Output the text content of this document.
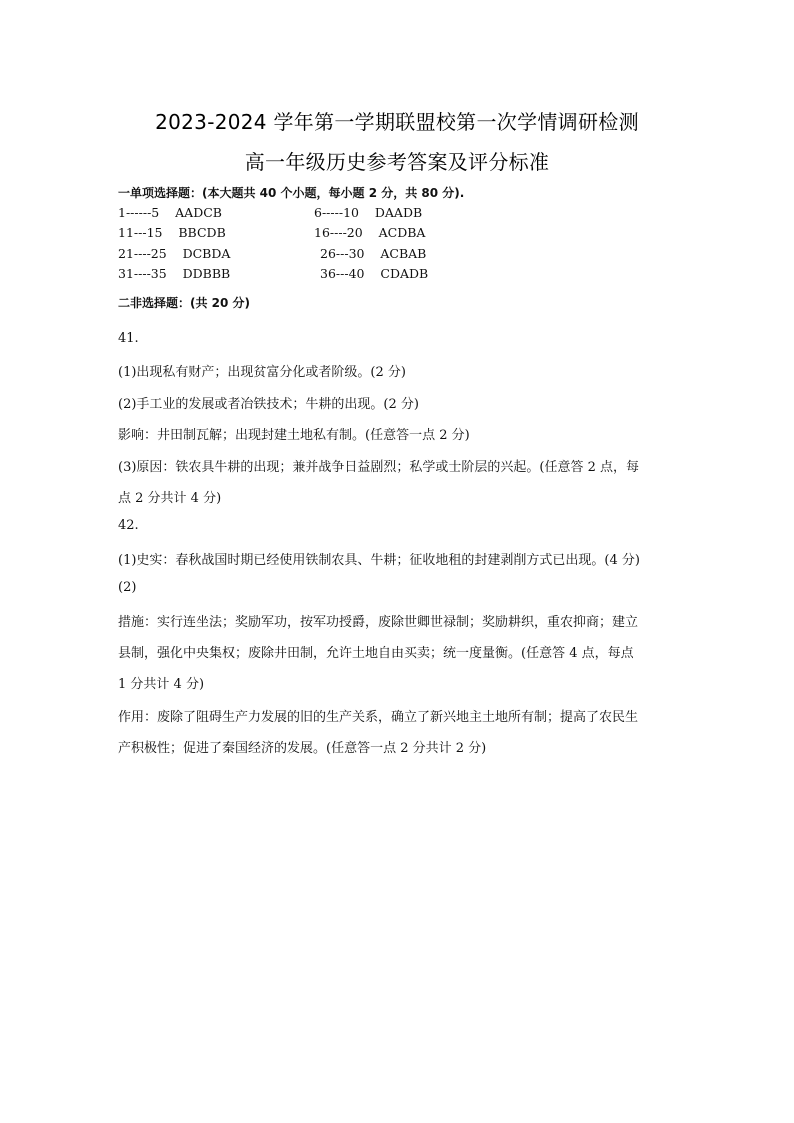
2023-2024 学年第一学期联盟校第一次学情调研检测
高一年级历史参考答案及评分标准
一单项选择题：(本大题共 40 个小题，每小题 2 分，共 80 分).
1------5    AADCB	6-----10    DAADB
11---15    BBCDB	16----20    ACDBA
21----25    DCBDA	26---30    ACBAB
31----35    DDBBB	36---40    CDADB
二非选择题：(共 20 分)
41.
(1)出现私有财产；出现贫富分化或者阶级。(2 分)
(2)手工业的发展或者冶铁技术；牛耕的出现。(2 分)
影响：井田制瓦解；出现封建土地私有制。(任意答一点 2 分)
(3)原因：铁农具牛耕的出现；兼并战争日益剧烈；私学或士阶层的兴起。(任意答 2 点，每
点 2 分共计 4 分)
42.
(1)史实：春秋战国时期已经使用铁制农具、牛耕；征收地租的封建剥削方式已出现。(4 分)
(2)
措施：实行连坐法；奖励军功，按军功授爵，废除世卿世禄制；奖励耕织，重农抑商；建立
县制，强化中央集权；废除井田制，允许土地自由买卖；统一度量衡。(任意答 4 点，每点
1 分共计 4 分)
作用：废除了阻碍生产力发展的旧的生产关系，确立了新兴地主土地所有制；提高了农民生
产积极性；促进了秦国经济的发展。(任意答一点 2 分共计 2 分)
